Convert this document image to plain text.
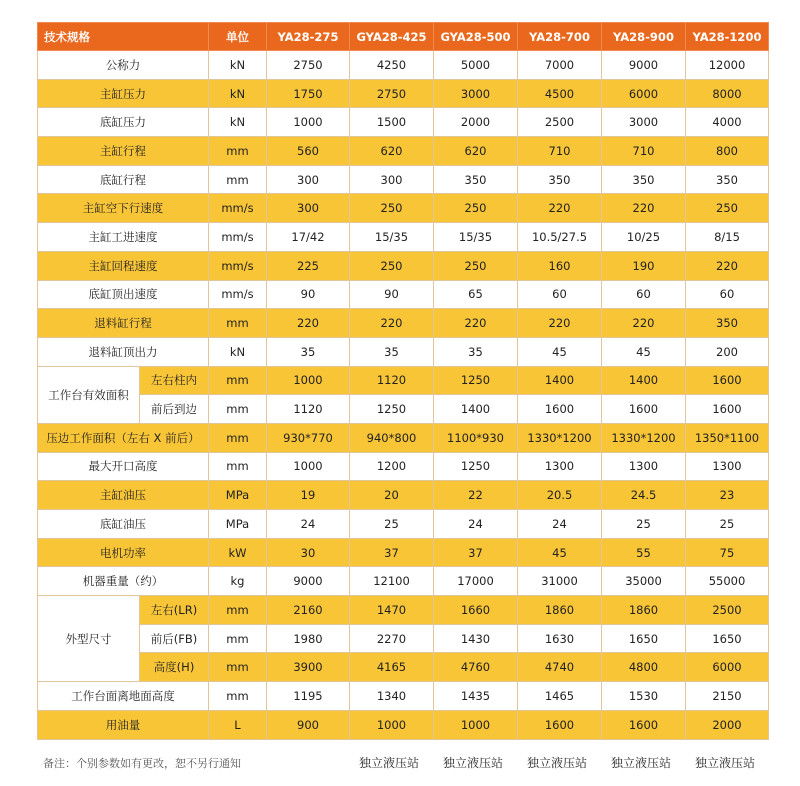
技术规格		单位	YA28-275	GYA28-425	GYA28-500	YA28-700	YA28-900	YA28-1200
公称力		kN	2750	4250	5000	7000	9000	12000
主缸压力		kN	1750	2750	3000	4500	6000	8000
底缸压力		kN	1000	1500	2000	2500	3000	4000
主缸行程		mm	560	620	620	710	710	800
底缸行程		mm	300	300	350	350	350	350
主缸空下行速度		mm/s	300	250	250	220	220	250
主缸工进速度		mm/s	17/42	15/35	15/35	10.5/27.5	10/25	8/15
主缸回程速度		mm/s	225	250	250	160	190	220
底缸顶出速度		mm/s	90	90	65	60	60	60
退料缸行程		mm	220	220	220	220	220	350
退料缸顶出力		kN	35	35	35	45	45	200
工作台有效面积	左右柱内	mm	1000	1120	1250	1400	1400	1600
	前后到边	mm	1120	1250	1400	1600	1600	1600
压边工作面积（左右 X 前后）		mm	930*770	940*800	1100*930	1330*1200	1330*1200	1350*1100
最大开口高度		mm	1000	1200	1250	1300	1300	1300
主缸油压		MPa	19	20	22	20.5	24.5	23
底缸油压		MPa	24	25	24	24	25	25
电机功率		kW	30	37	37	45	55	75
机器重量（约）		kg	9000	12100	17000	31000	35000	55000
外型尺寸	左右(LR)	mm	2160	1470	1660	1860	1860	2500
	前后(FB)	mm	1980	2270	1430	1630	1650	1650
	高度(H)	mm	3900	4165	4760	4740	4800	6000
工作台面离地面高度		mm	1195	1340	1435	1465	1530	2150
用油量		L	900	1000	1000	1600	1600	2000
备注：个别参数如有更改，恕不另行通知	独立液压站	独立液压站	独立液压站	独立液压站	独立液压站
